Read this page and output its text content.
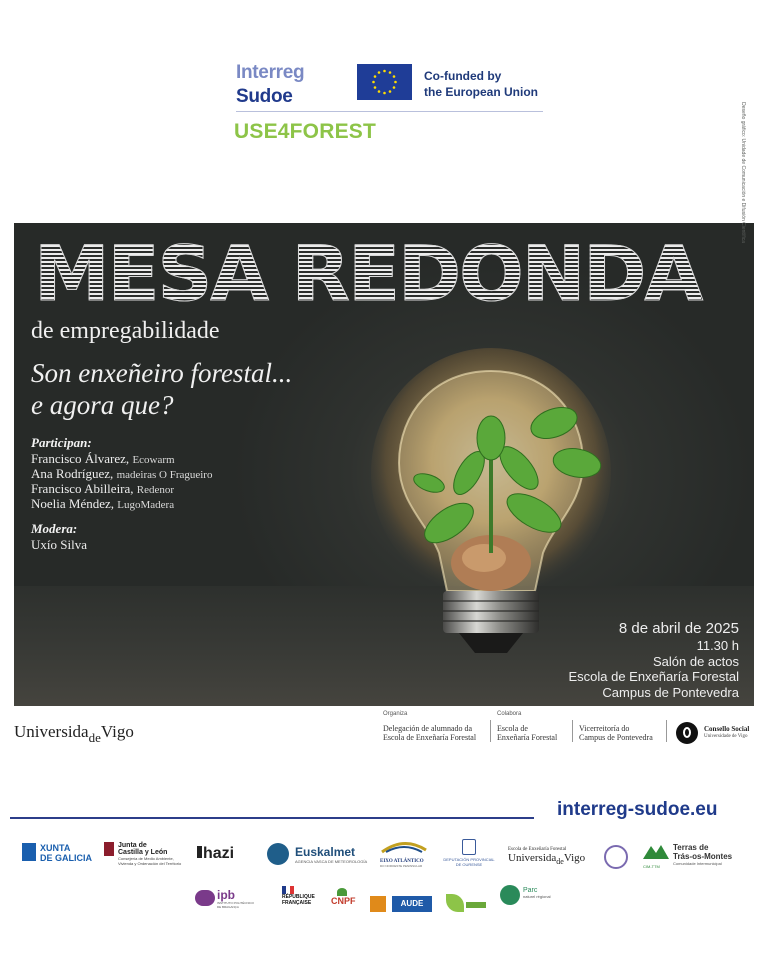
Interreg
Sudoe
Co-funded by
the European Union
USE4FOREST
MESA REDONDA
de empregabilidade
Son enxeñeiro forestal...
e agora que?
Participan:
Francisco Álvarez, Ecowarm
Ana Rodríguez, madeiras O Fragueiro
Francisco Abilleira, Redenor
Noelia Méndez, LugoMadera
Modera:
Uxío Silva
8 de abril de 2025
11.30 h
Salón de actos
Escola de Enxeñaría Forestal
Campus de Pontevedra
Deseño gráfico: Unidade de Comunicación e Difusión Científica
Universida$_{de}$Vigo
Organiza
Delegación de alumnado da
Escola de Enxeñaría Forestal
Colabora
Escola de
Enxeñaría Forestal
Vicerreitoría do
Campus de Pontevedra
Consello Social
Universidade de Vigo
interreg-sudoe.eu
XUNTA
DE GALICIA
Junta de
Castilla y León
Consejería de Medio Ambiente,
Vivienda y Ordenación del Territorio
hazi	Euskalmet
AGENCIA VASCA DE METEOROLOGÍA	EIXO ATLÁNTICO
DO NOROESTE PENINSULAR
DEPUTACIÓN PROVINCIAL
DE OURENSE
Escola de Enxeñaría Forestal
Universida$_{de}$Vigo
CIM-TTM
Terras de
Trás-os-Montes
Comunidade Intermunicipal
ipb
INSTITUTO POLITÉCNICO
DE BRAGANÇA
RÉPUBLIQUE
FRANÇAISE	CNPF	AUDE
Parc
naturel régional
